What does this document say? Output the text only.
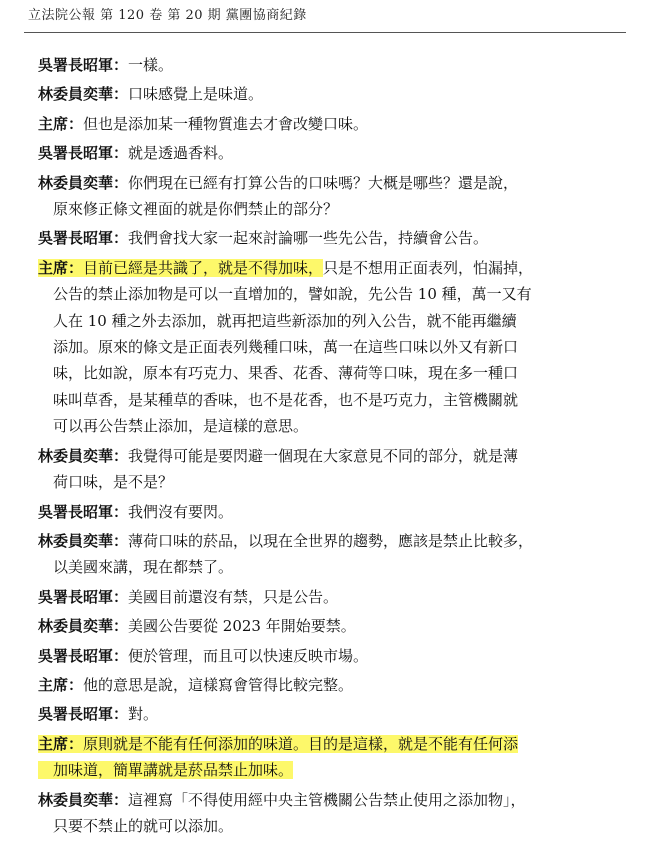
立法院公報 第 120 卷 第 20 期 黨團協商紀錄
吳署長昭軍：一樣。
林委員奕華：口味感覺上是味道。
主席：但也是添加某一種物質進去才會改變口味。
吳署長昭軍：就是透過香料。
林委員奕華：你們現在已經有打算公告的口味嗎？大概是哪些？還是說，
原來修正條文裡面的就是你們禁止的部分？
吳署長昭軍：我們會找大家一起來討論哪一些先公告，持續會公告。
主席：目前已經是共識了，就是不得加味，只是不想用正面表列，怕漏掉，
公告的禁止添加物是可以一直增加的，譬如說，先公告 10 種，萬一又有
人在 10 種之外去添加，就再把這些新添加的列入公告，就不能再繼續
添加。原來的條文是正面表列幾種口味，萬一在這些口味以外又有新口
味，比如說，原本有巧克力、果香、花香、薄荷等口味，現在多一種口
味叫草香，是某種草的香味，也不是花香，也不是巧克力，主管機關就
可以再公告禁止添加，是這樣的意思。
林委員奕華：我覺得可能是要閃避一個現在大家意見不同的部分，就是薄
荷口味，是不是？
吳署長昭軍：我們沒有要閃。
林委員奕華：薄荷口味的菸品，以現在全世界的趨勢，應該是禁止比較多，
以美國來講，現在都禁了。
吳署長昭軍：美國目前還沒有禁，只是公告。
林委員奕華：美國公告要從 2023 年開始要禁。
吳署長昭軍：便於管理，而且可以快速反映市場。
主席：他的意思是說，這樣寫會管得比較完整。
吳署長昭軍：對。
主席：原則就是不能有任何添加的味道。目的是這樣，就是不能有任何添
加味道，簡單講就是菸品禁止加味。
林委員奕華：這裡寫「不得使用經中央主管機關公告禁止使用之添加物」，
只要不禁止的就可以添加。
